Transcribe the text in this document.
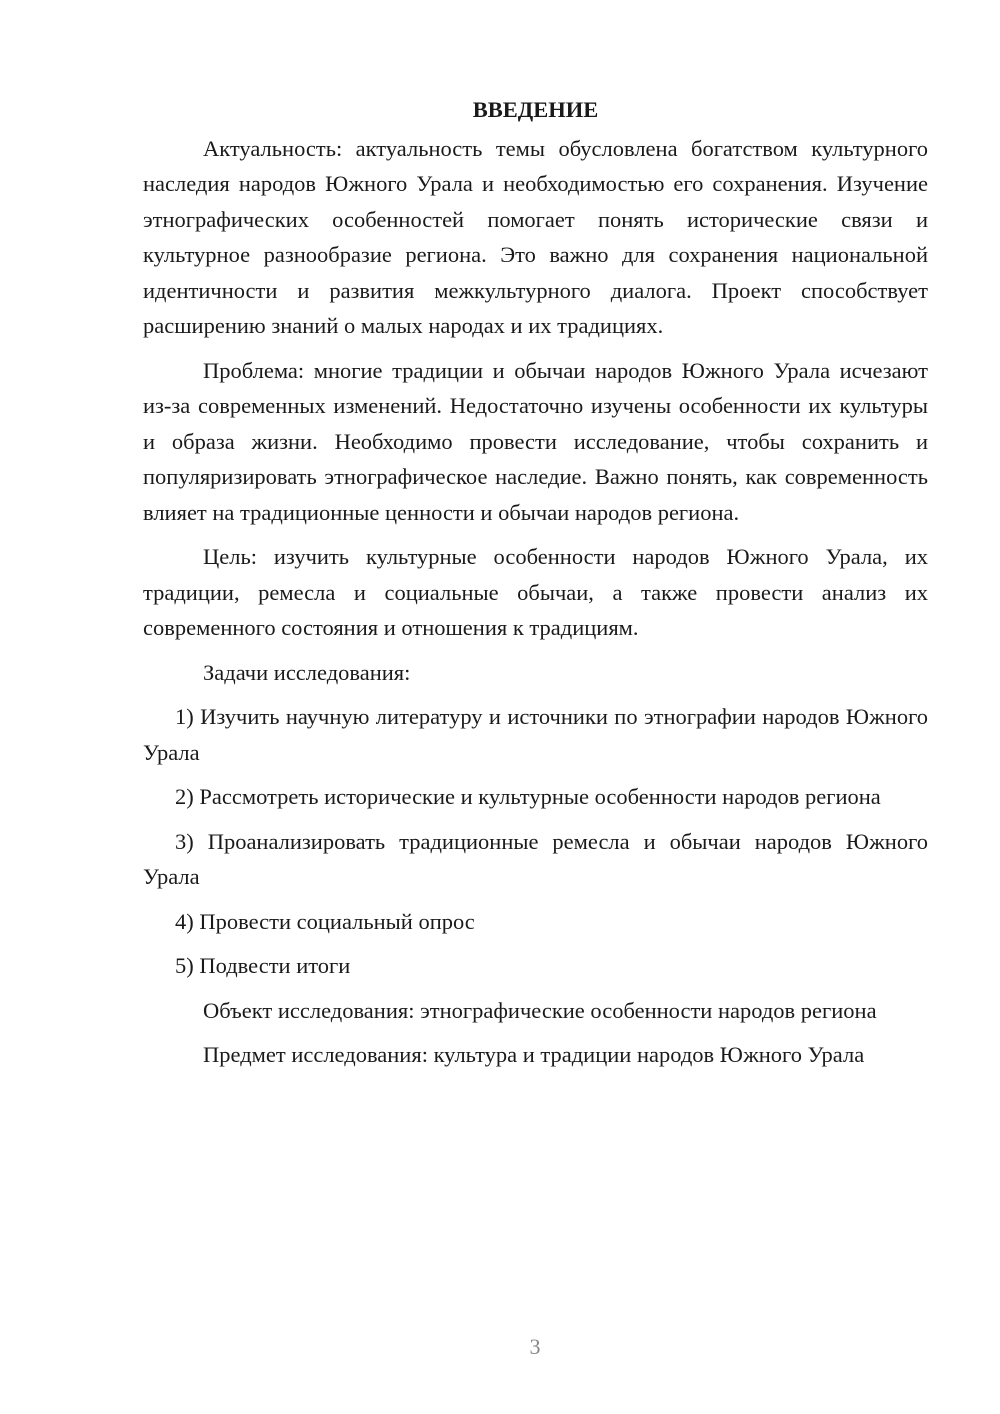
ВВЕДЕНИЕ

Актуальность: актуальность темы обусловлена богатством культурного наследия народов Южного Урала и необходимостью его сохранения. Изучение этнографических особенностей помогает понять исторические связи и культурное разнообразие региона. Это важно для сохранения национальной идентичности и развития межкультурного диалога. Проект способствует расширению знаний о малых народах и их традициях.

Проблема: многие традиции и обычаи народов Южного Урала исчезают из-за современных изменений. Недостаточно изучены особенности их культуры и образа жизни. Необходимо провести исследование, чтобы сохранить и популяризировать этнографическое наследие. Важно понять, как современность влияет на традиционные ценности и обычаи народов региона.

Цель: изучить культурные особенности народов Южного Урала, их традиции, ремесла и социальные обычаи, а также провести анализ их современного состояния и отношения к традициям.

Задачи исследования:

1) Изучить научную литературу и источники по этнографии народов Южного Урала

2) Рассмотреть исторические и культурные особенности народов региона

3) Проанализировать традиционные ремесла и обычаи народов Южного Урала

4) Провести социальный опрос

5) Подвести итоги

Объект исследования: этнографические особенности народов региона

Предмет исследования: культура и традиции народов Южного Урала

3
